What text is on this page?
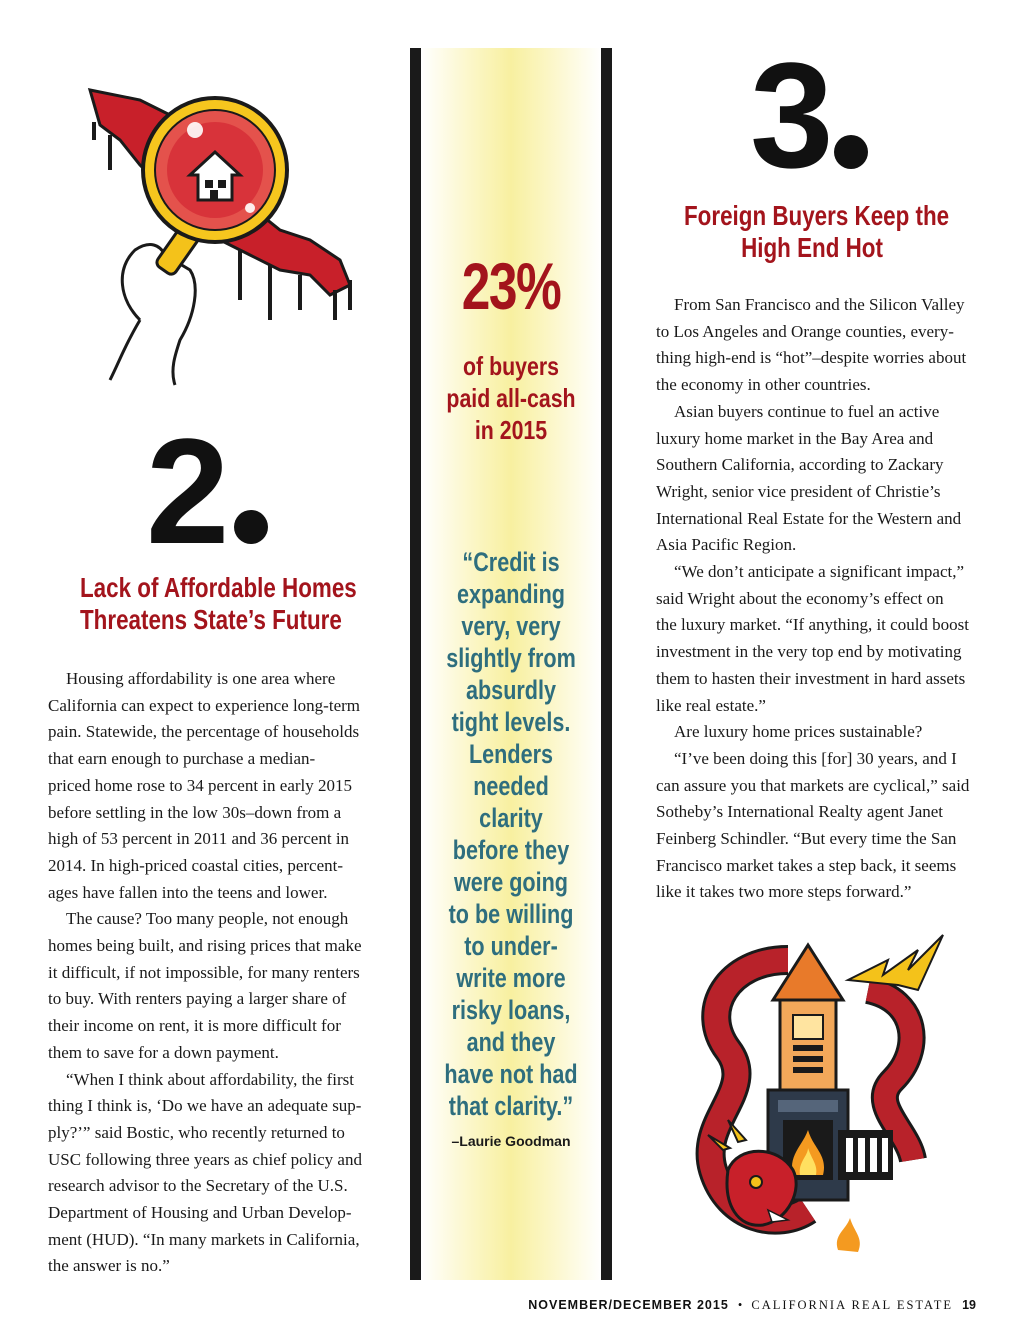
2
Lack of Affordable Homes
Threatens State’s Future
Housing affordability is one area where
California can expect to experience long-term
pain. Statewide, the percentage of households
that earn enough to purchase a median-
priced home rose to 34 percent in early 2015
before settling in the low 30s–down from a
high of 53 percent in 2011 and 36 percent in
2014. In high-priced coastal cities, percent-
ages have fallen into the teens and lower.
The cause? Too many people, not enough
homes being built, and rising prices that make
it difficult, if not impossible, for many renters
to buy. With renters paying a larger share of
their income on rent, it is more difficult for
them to save for a down payment.
“When I think about affordability, the first
thing I think is, ‘Do we have an adequate sup-
ply?’” said Bostic, who recently returned to
USC following three years as chief policy and
research advisor to the Secretary of the U.S.
Department of Housing and Urban Develop-
ment (HUD). “In many markets in California,
the answer is no.”
23%
of buyers
paid all-cash
in 2015
“Credit is
expanding
very, very
slightly from
absurdly
tight levels.
Lenders
needed
clarity
before they
were going
to be willing
to under-
write more
risky loans,
and they
have not had
that clarity.”
–Laurie Goodman
3
Foreign Buyers Keep the
High End Hot
From San Francisco and the Silicon Valley
to Los Angeles and Orange counties, every-
thing high-end is “hot”–despite worries about
the economy in other countries.
Asian buyers continue to fuel an active
luxury home market in the Bay Area and
Southern California, according to Zackary
Wright, senior vice president of Christie’s
International Real Estate for the Western and
Asia Pacific Region.
“We don’t anticipate a significant impact,”
said Wright about the economy’s effect on
the luxury market. “If anything, it could boost
investment in the very top end by motivating
them to hasten their investment in hard assets
like real estate.”
Are luxury home prices sustainable?
“I’ve been doing this [for] 30 years, and I
can assure you that markets are cyclical,” said
Sotheby’s International Realty agent Janet
Feinberg Schindler. “But every time the San
Francisco market takes a step back, it seems
like it takes two more steps forward.”
NOVEMBER/DECEMBER 2015 • CALIFORNIA REAL ESTATE 19
